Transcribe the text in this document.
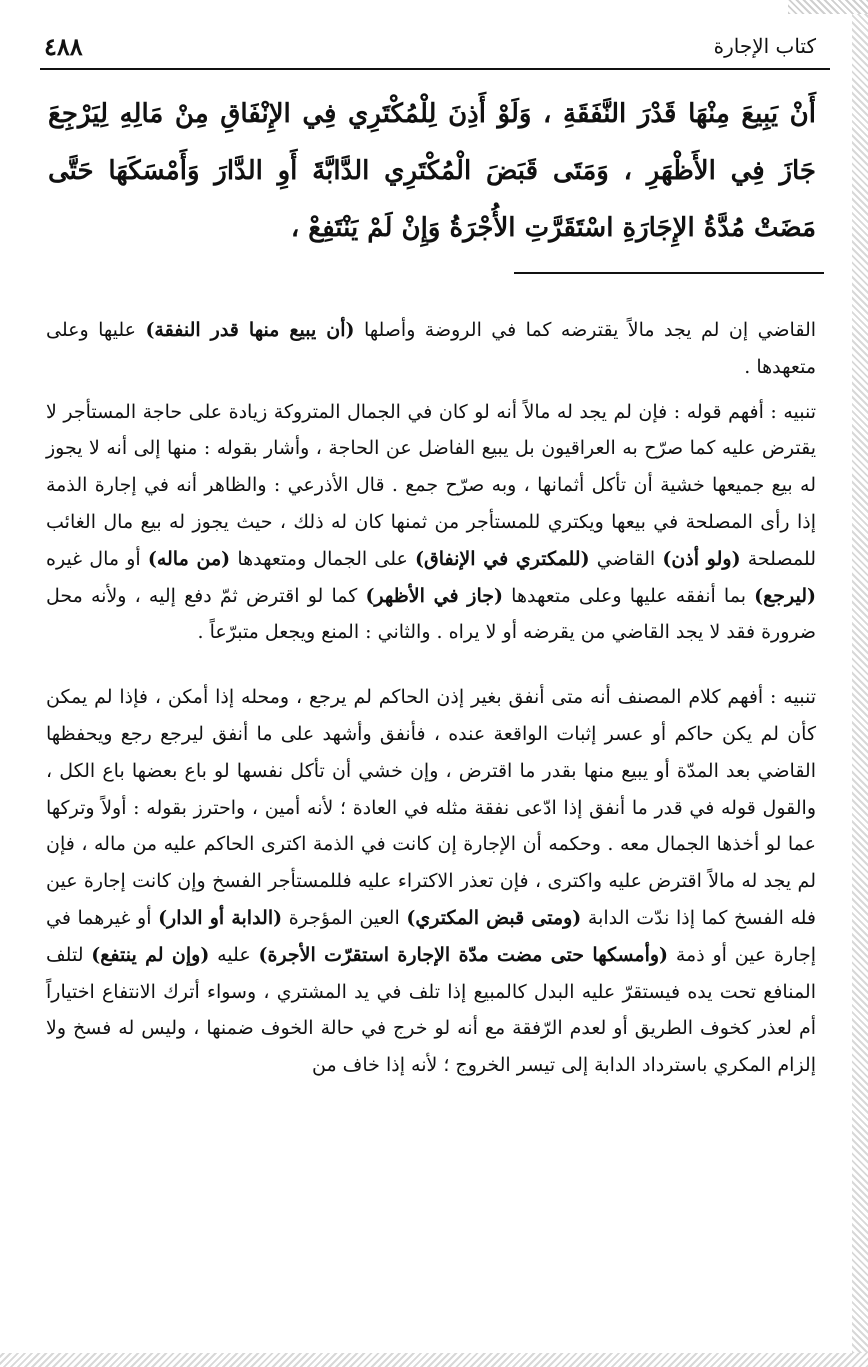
كتاب الإجارة
٤٨٨
أَنْ يَبِيعَ مِنْهَا قَدْرَ النَّفَقَةِ ، وَلَوْ أَذِنَ لِلْمُكْتَرِي فِي الإِنْفَاقِ مِنْ مَالِهِ لِيَرْجِعَ جَازَ فِي الأَظْهَرِ ، وَمَتَى قَبَضَ الْمُكْتَرِي الدَّابَّةَ أَوِ الدَّارَ وَأَمْسَكَهَا حَتَّى مَضَتْ مُدَّةُ الإِجَارَةِ اسْتَقَرَّتِ الأُجْرَةُ وَإِنْ لَمْ يَنْتَفِعْ ،

القاضي إن لم يجد مالاً يقترضه كما في الروضة وأصلها (أن يبيع منها قدر النفقة) عليها وعلى متعهدها .

تنبيه : أفهم قوله : فإن لم يجد له مالاً أنه لو كان في الجمال المتروكة زيادة على حاجة المستأجر لا يقترض عليه كما صرّح به العراقيون بل يبيع الفاضل عن الحاجة ، وأشار بقوله : منها إلى أنه لا يجوز له بيع جميعها خشية أن تأكل أثمانها ، وبه صرّح جمع . قال الأذرعي : والظاهر أنه في إجارة الذمة إذا رأى المصلحة في بيعها ويكتري للمستأجر من ثمنها كان له ذلك ، حيث يجوز له بيع مال الغائب للمصلحة (ولو أذن) القاضي (للمكتري في الإنفاق) على الجمال ومتعهدها (من ماله) أو مال غيره (ليرجع) بما أنفقه عليها وعلى متعهدها (جاز في الأظهر) كما لو اقترض ثمّ دفع إليه ، ولأنه محل ضرورة فقد لا يجد القاضي من يقرضه أو لا يراه . والثاني : المنع ويجعل متبرّعاً .

تنبيه : أفهم كلام المصنف أنه متى أنفق بغير إذن الحاكم لم يرجع ، ومحله إذا أمكن ، فإذا لم يمكن كأن لم يكن حاكم أو عسر إثبات الواقعة عنده ، فأنفق وأشهد على ما أنفق ليرجع رجع ويحفظها القاضي بعد المدّة أو يبيع منها بقدر ما اقترض ، وإن خشي أن تأكل نفسها لو باع بعضها باع الكل ، والقول قوله في قدر ما أنفق إذا ادّعى نفقة مثله في العادة ؛ لأنه أمين ، واحترز بقوله : أولاً وتركها عما لو أخذها الجمال معه . وحكمه أن الإجارة إن كانت في الذمة اكترى الحاكم عليه من ماله ، فإن لم يجد له مالاً اقترض عليه واكترى ، فإن تعذر الاكتراء عليه فللمستأجر الفسخ وإن كانت إجارة عين فله الفسخ كما إذا ندّت الدابة (ومتى قبض المكتري) العين المؤجرة (الدابة أو الدار) أو غيرهما في إجارة عين أو ذمة (وأمسكها حتى مضت مدّة الإجارة استقرّت الأجرة) عليه (وإن لم ينتفع) لتلف المنافع تحت يده فيستقرّ عليه البدل كالمبيع إذا تلف في يد المشتري ، وسواء أترك الانتفاع اختياراً أم لعذر كخوف الطريق أو لعدم الرّفقة مع أنه لو خرج في حالة الخوف ضمنها ، وليس له فسخ ولا إلزام المكري باسترداد الدابة إلى تيسر الخروج ؛ لأنه إذا خاف من
